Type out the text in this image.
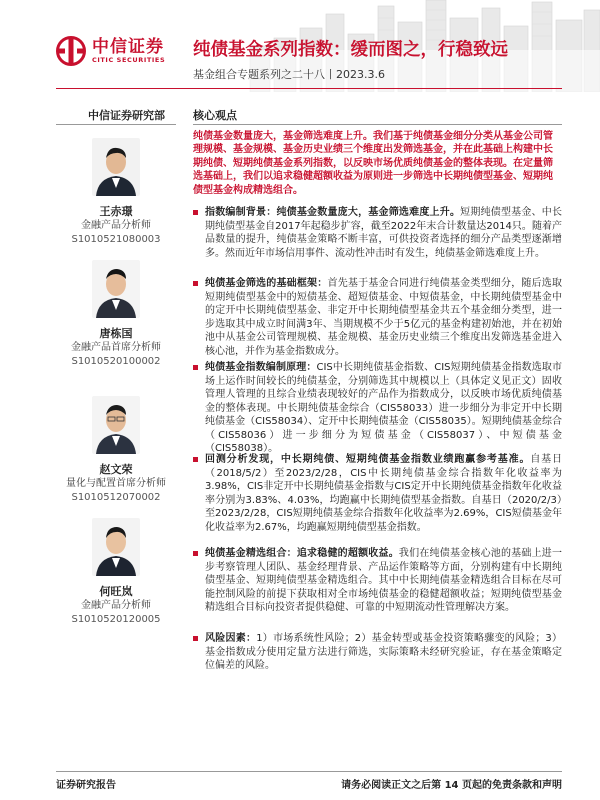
中信证券
CITIC SECURITIES 纯债基金系列指数：缓而图之，行稳致远
基金组合专题系列之二十八丨2023.3.6
中信证券研究部	核心观点
王赤璟
金融产品分析师
S1010521080003
唐栋国
金融产品首席分析师
S1010520100002
赵文荣
量化与配置首席分析师
S1010512070002
何旺岚
金融产品分析师
S1010520120005
纯债基金数量庞大，基金筛选难度上升。我们基于纯债基金细分分类从基金公司管理规模、基金规模、基金历史业绩三个维度出发筛选基金，并在此基础上构建中长期纯债、短期纯债基金系列指数，以反映市场优质纯债基金的整体表现。在定量筛选基础上，我们以追求稳健超额收益为原则进一步筛选中长期纯债型基金、短期纯债型基金构成精选组合。
指数编制背景：纯债基金数量庞大，基金筛选难度上升。短期纯债型基金、中长期纯债型基金自2017年起稳步扩容，截至2022年末合计数量达2014只。随着产品数量的提升，纯债基金策略不断丰富，可供投资者选择的细分产品类型逐渐增多。然而近年市场信用事件、流动性冲击时有发生，纯债基金筛选难度上升。
纯债基金筛选的基础框架：首先基于基金合同进行纯债基金类型细分，随后选取短期纯债型基金中的短债基金、超短债基金、中短债基金，中长期纯债型基金中的定开中长期纯债型基金、非定开中长期纯债型基金共五个基金细分类型，进一步选取其中成立时间满3年、当期规模不少于5亿元的基金构建初始池，并在初始池中从基金公司管理规模、基金规模、基金历史业绩三个维度出发筛选基金进入核心池，并作为基金指数成分。
纯债基金指数编制原理：CIS中长期纯债基金指数、CIS短期纯债基金指数选取市场上运作时间较长的纯债基金，分别筛选其中规模以上（具体定义见正文）固收管理人管理的且综合业绩表现较好的产品作为指数成分，以反映市场优质纯债基金的整体表现。中长期纯债基金综合（CIS58033）进一步细分为非定开中长期纯债基金（CIS58034）、定开中长期纯债基金（CIS58035）。短期纯债基金综合（CIS58036）进一步细分为短债基金（CIS58037）、中短债基金（CIS58038）。
回测分析发现，中长期纯债、短期纯债基金指数业绩跑赢参考基准。自基日（2018/5/2）至2023/2/28，CIS中长期纯债基金综合指数年化收益率为3.98%，CIS非定开中长期纯债基金指数与CIS定开中长期纯债基金指数年化收益率分别为3.83%、4.03%，均跑赢中长期纯债型基金指数。自基日（2020/2/3）至2023/2/28，CIS短期纯债基金综合指数年化收益率为2.69%，CIS短债基金年化收益率为2.67%，均跑赢短期纯债型基金指数。
纯债基金精选组合：追求稳健的超额收益。我们在纯债基金核心池的基础上进一步考察管理人团队、基金经理背景、产品运作策略等方面，分别构建有中长期纯债型基金、短期纯债型基金精选组合。其中中长期纯债基金精选组合目标在尽可能控制风险的前提下获取相对全市场纯债基金的稳健超额收益；短期纯债型基金精选组合目标向投资者提供稳健、可靠的中短期流动性管理解决方案。
风险因素：1）市场系统性风险；2）基金转型或基金投资策略骤变的风险；3）基金指数成分使用定量方法进行筛选，实际策略未经研究验证，存在基金策略定位偏差的风险。
证券研究报告	请务必阅读正文之后第 14 页起的免责条款和声明
